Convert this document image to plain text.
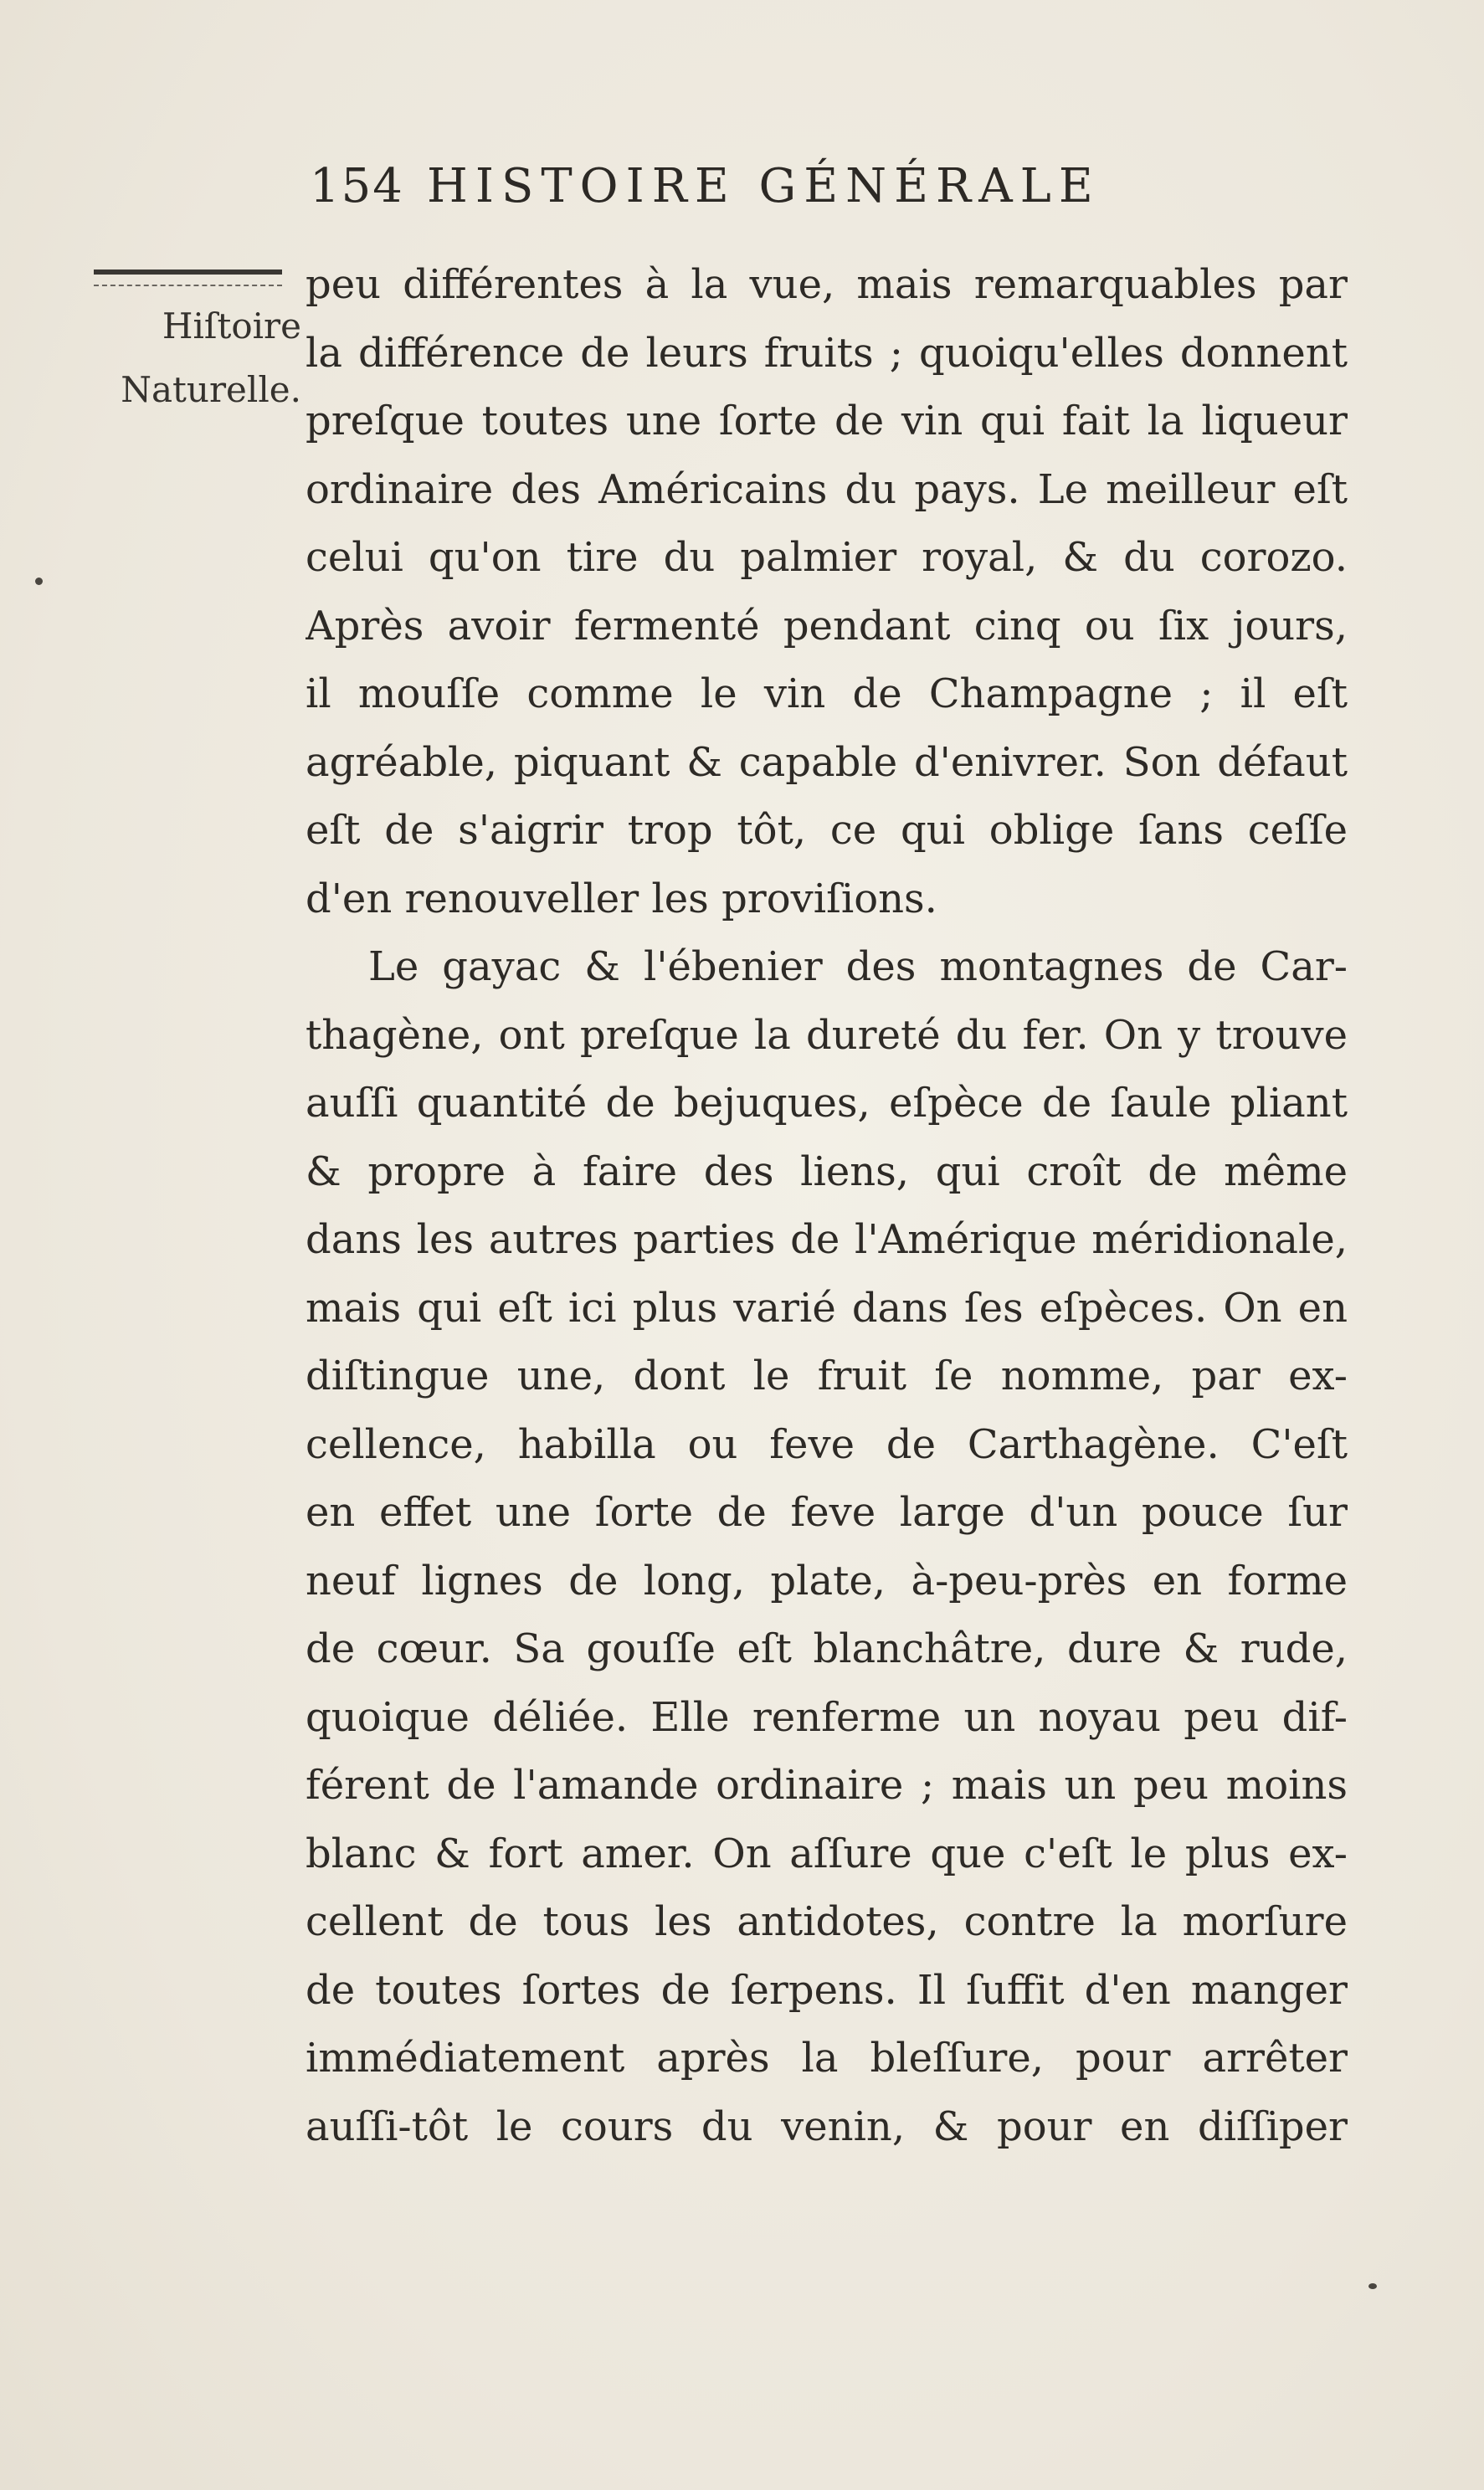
154 HISTOIRE GÉNÉRALE
Hiſtoire
Naturelle.
peu différentes à la vue, mais remarquables par
la différence de leurs fruits ; quoiqu'elles donnent
preſque toutes une ſorte de vin qui fait la liqueur
ordinaire des Américains du pays. Le meilleur eſt
celui qu'on tire du palmier royal, & du corozo.
Après avoir fermenté pendant cinq ou ſix jours,
il mouſſe comme le vin de Champagne ; il eſt
agréable, piquant & capable d'enivrer. Son défaut
eſt de s'aigrir trop tôt, ce qui oblige ſans ceſſe
d'en renouveller les proviſions.
Le gayac & l'ébenier des montagnes de Car-
thagène, ont preſque la dureté du fer. On y trouve
auſſi quantité de bejuques, eſpèce de ſaule pliant
& propre à faire des liens, qui croît de même
dans les autres parties de l'Amérique méridionale,
mais qui eſt ici plus varié dans ſes eſpèces. On en
diſtingue une, dont le fruit ſe nomme, par ex-
cellence, habilla ou feve de Carthagène. C'eſt
en effet une ſorte de feve large d'un pouce ſur
neuf lignes de long, plate, à-peu-près en forme
de cœur. Sa gouſſe eſt blanchâtre, dure & rude,
quoique déliée. Elle renferme un noyau peu dif-
férent de l'amande ordinaire ; mais un peu moins
blanc & fort amer. On aſſure que c'eſt le plus ex-
cellent de tous les antidotes, contre la morſure
de toutes ſortes de ſerpens. Il ſuffit d'en manger
immédiatement après la bleſſure, pour arrêter
auſſi-tôt le cours du venin, & pour en diſſiper
